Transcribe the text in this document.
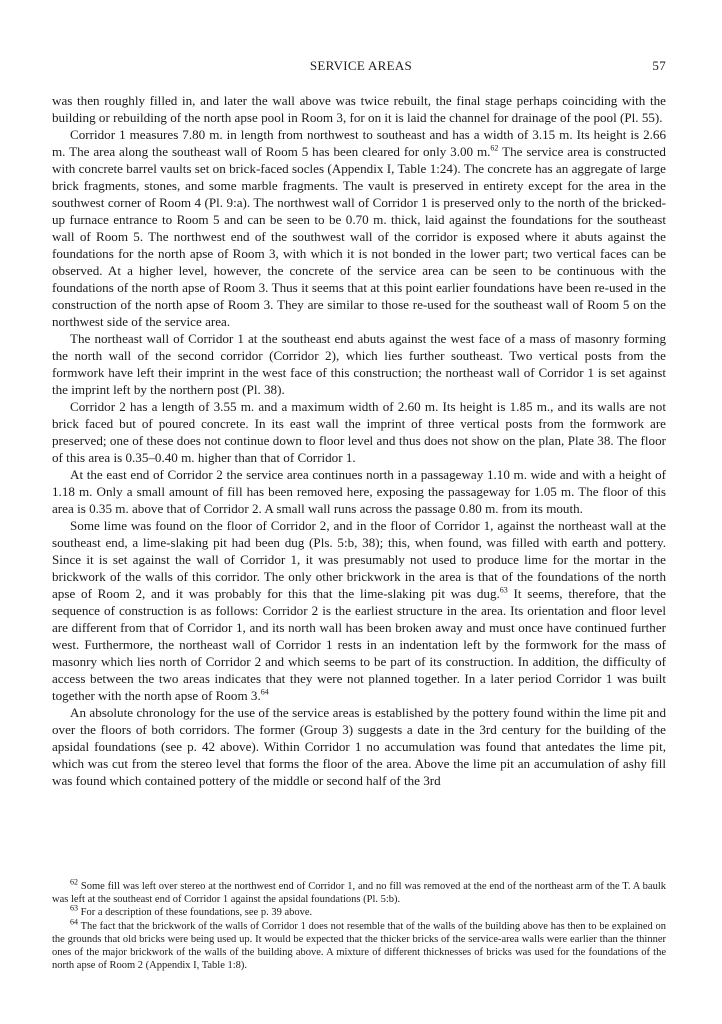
SERVICE AREAS	57

was then roughly filled in, and later the wall above was twice rebuilt, the final stage perhaps coinciding with the building or rebuilding of the north apse pool in Room 3, for on it is laid the channel for drainage of the pool (Pl. 55).

Corridor 1 measures 7.80 m. in length from northwest to southeast and has a width of 3.15 m. Its height is 2.66 m. The area along the southeast wall of Room 5 has been cleared for only 3.00 m.$^{62}$ The service area is constructed with concrete barrel vaults set on brick-faced socles (Appendix I, Table 1:24). The concrete has an aggregate of large brick fragments, stones, and some marble fragments. The vault is preserved in entirety except for the area in the southwest corner of Room 4 (Pl. 9:a). The northwest wall of Corridor 1 is preserved only to the north of the bricked-up furnace entrance to Room 5 and can be seen to be 0.70 m. thick, laid against the foundations for the southeast wall of Room 5. The northwest end of the southwest wall of the corridor is exposed where it abuts against the foundations for the north apse of Room 3, with which it is not bonded in the lower part; two vertical faces can be observed. At a higher level, however, the concrete of the service area can be seen to be continuous with the foundations of the north apse of Room 3. Thus it seems that at this point earlier foundations have been re-used in the construction of the north apse of Room 3. They are similar to those re-used for the southeast wall of Room 5 on the northwest side of the service area.

The northeast wall of Corridor 1 at the southeast end abuts against the west face of a mass of masonry forming the north wall of the second corridor (Corridor 2), which lies further southeast. Two vertical posts from the formwork have left their imprint in the west face of this construction; the northeast wall of Corridor 1 is set against the imprint left by the northern post (Pl. 38).

Corridor 2 has a length of 3.55 m. and a maximum width of 2.60 m. Its height is 1.85 m., and its walls are not brick faced but of poured concrete. In its east wall the imprint of three vertical posts from the formwork are preserved; one of these does not continue down to floor level and thus does not show on the plan, Plate 38. The floor of this area is 0.35–0.40 m. higher than that of Corridor 1.

At the east end of Corridor 2 the service area continues north in a passageway 1.10 m. wide and with a height of 1.18 m. Only a small amount of fill has been removed here, exposing the passageway for 1.05 m. The floor of this area is 0.35 m. above that of Corridor 2. A small wall runs across the passage 0.80 m. from its mouth.

Some lime was found on the floor of Corridor 2, and in the floor of Corridor 1, against the northeast wall at the southeast end, a lime-slaking pit had been dug (Pls. 5:b, 38); this, when found, was filled with earth and pottery. Since it is set against the wall of Corridor 1, it was presumably not used to produce lime for the mortar in the brickwork of the walls of this corridor. The only other brickwork in the area is that of the foundations of the north apse of Room 2, and it was probably for this that the lime-slaking pit was dug.$^{63}$ It seems, therefore, that the sequence of construction is as follows: Corridor 2 is the earliest structure in the area. Its orientation and floor level are different from that of Corridor 1, and its north wall has been broken away and must once have continued further west. Furthermore, the northeast wall of Corridor 1 rests in an indentation left by the formwork for the mass of masonry which lies north of Corridor 2 and which seems to be part of its construction. In addition, the difficulty of access between the two areas indicates that they were not planned together. In a later period Corridor 1 was built together with the north apse of Room 3.64

An absolute chronology for the use of the service areas is established by the pottery found within the lime pit and over the floors of both corridors. The former (Group 3) suggests a date in the 3rd century for the building of the apsidal foundations (see p. 42 above). Within Corridor 1 no accumulation was found that antedates the lime pit, which was cut from the stereo level that forms the floor of the area. Above the lime pit an accumulation of ashy fill was found which contained pottery of the middle or second half of the 3rd

$^{62}$ Some fill was left over stereo at the northwest end of Corridor 1, and no fill was removed at the end of the northeast arm of the T. A baulk was left at the southeast end of Corridor 1 against the apsidal foundations (Pl. 5:b).

$^{63}$ For a description of these foundations, see p. 39 above.

$^{64}$ The fact that the brickwork of the walls of Corridor 1 does not resemble that of the walls of the building above has then to be explained on the grounds that old bricks were being used up. It would be expected that the thicker bricks of the service-area walls were earlier than the thinner ones of the major brickwork of the walls of the building above. A mixture of different thicknesses of bricks was used for the foundations of the north apse of Room 2 (Appendix I, Table 1:8).
